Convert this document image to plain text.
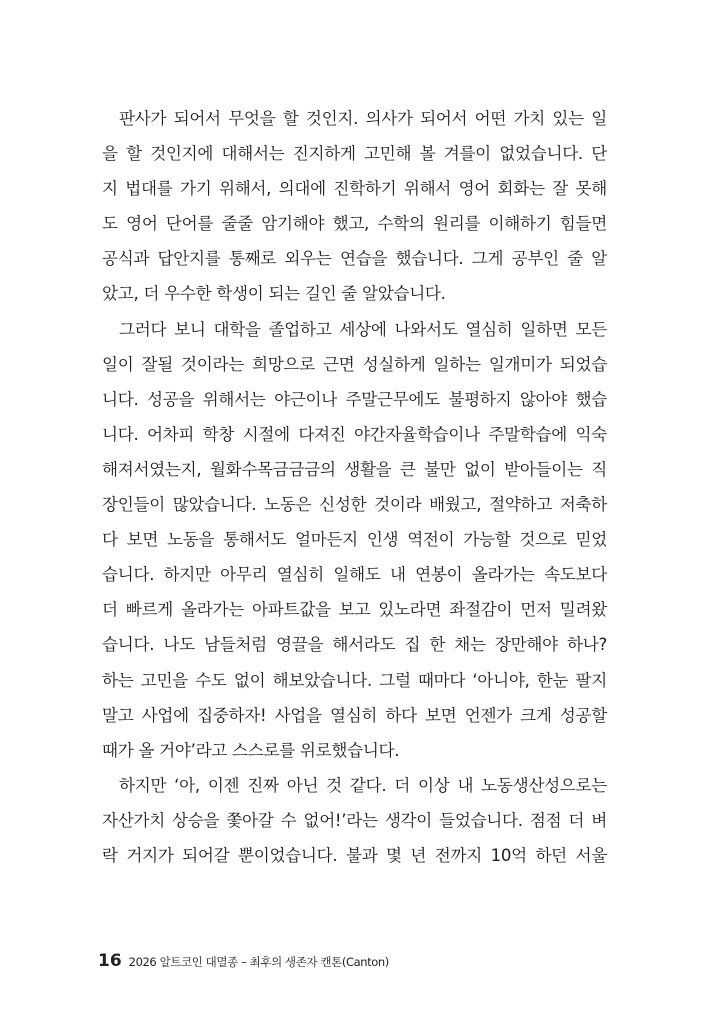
판사가 되어서 무엇을 할 것인지. 의사가 되어서 어떤 가치 있는 일
을 할 것인지에 대해서는 진지하게 고민해 볼 겨를이 없었습니다. 단
지 법대를 가기 위해서, 의대에 진학하기 위해서 영어 회화는 잘 못해
도 영어 단어를 줄줄 암기해야 했고, 수학의 원리를 이해하기 힘들면
공식과 답안지를 통째로 외우는 연습을 했습니다. 그게 공부인 줄 알
았고, 더 우수한 학생이 되는 길인 줄 알았습니다.
그러다 보니 대학을 졸업하고 세상에 나와서도 열심히 일하면 모든
일이 잘될 것이라는 희망으로 근면 성실하게 일하는 일개미가 되었습
니다. 성공을 위해서는 야근이나 주말근무에도 불평하지 않아야 했습
니다. 어차피 학창 시절에 다져진 야간자율학습이나 주말학습에 익숙
해져서였는지, 월화수목금금금의 생활을 큰 불만 없이 받아들이는 직
장인들이 많았습니다. 노동은 신성한 것이라 배웠고, 절약하고 저축하
다 보면 노동을 통해서도 얼마든지 인생 역전이 가능할 것으로 믿었
습니다. 하지만 아무리 열심히 일해도 내 연봉이 올라가는 속도보다
더 빠르게 올라가는 아파트값을 보고 있노라면 좌절감이 먼저 밀려왔
습니다. 나도 남들처럼 영끌을 해서라도 집 한 채는 장만해야 하나?
하는 고민을 수도 없이 해보았습니다. 그럴 때마다 ‘아니야, 한눈 팔지
말고 사업에 집중하자! 사업을 열심히 하다 보면 언젠가 크게 성공할
때가 올 거야’라고 스스로를 위로했습니다.
하지만 ‘아, 이젠 진짜 아닌 것 같다. 더 이상 내 노동생산성으로는
자산가치 상승을 쫓아갈 수 없어!’라는 생각이 들었습니다. 점점 더 벼
락 거지가 되어갈 뿐이었습니다. 불과 몇 년 전까지 10억 하던 서울
16 2026 알트코인 대멸종 – 최후의 생존자 캔톤(Canton)
